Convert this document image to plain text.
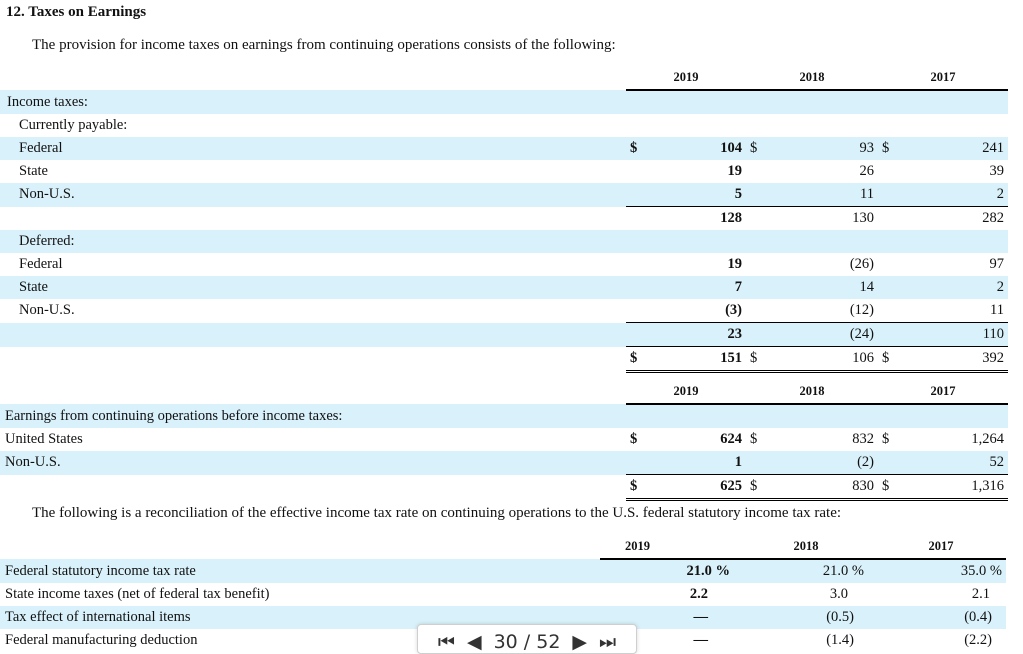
12. Taxes on Earnings
The provision for income taxes on earnings from continuing operations consists of the following:
	2019		2018		2017	
Income taxes:						
Currently payable:						
Federal	$	104	$	93	$	241
State		19		26		39
Non-U.S.		5		11		2
		128		130		282
Deferred:						
Federal		19		(26)		97
State		7		14		2
Non-U.S.		(3)		(12)		11
		23		(24)		110
	$	151	$	106	$	392
	2019		2018		2017	
Earnings from continuing operations before income taxes:						
United States	$	624	$	832	$	1,264
Non-U.S.		1		(2)		52
	$	625	$	830	$	1,316
The following is a reconciliation of the effective income tax rate on continuing operations to the U.S. federal statutory income tax rate:
	2019	2018	2017
Federal statutory income tax rate	21.0 %	21.0 %	35.0 %
State income taxes (net of federal tax benefit)	2.2	3.0	2.1
Tax effect of international items	—	(0.5)	(0.4)
Federal manufacturing deduction	—	(1.4)	(2.2)
⏮ ◀ 30 / 52 ▶ ⏭
